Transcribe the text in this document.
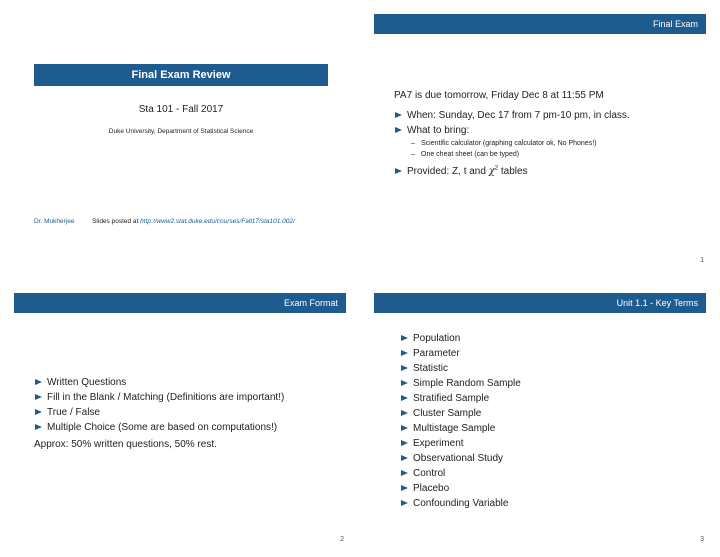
Final Exam Review
Sta 101 - Fall 2017
Duke University, Department of Statistical Science
Dr. Mukherjee	Slides posted at http://www2.stat.duke.edu/courses/Fall17/sta101.002/
Final Exam
PA7 is due tomorrow, Friday Dec 8 at 11:55 PM
When: Sunday, Dec 17 from 7 pm-10 pm, in class.
What to bring:
– Scientific calculator (graphing calculator ok, No Phones!)
– One cheat sheet (can be typed)
Provided: Z, t and $\chi^2$ tables
1
Exam Format
Written Questions
Fill in the Blank / Matching (Definitions are important!)
True / False
Multiple Choice (Some are based on computations!)
Approx: 50% written questions, 50% rest.
2
Unit 1.1 - Key Terms
Population
Parameter
Statistic
Simple Random Sample
Stratified Sample
Cluster Sample
Multistage Sample
Experiment
Observational Study
Control
Placebo
Confounding Variable
3
